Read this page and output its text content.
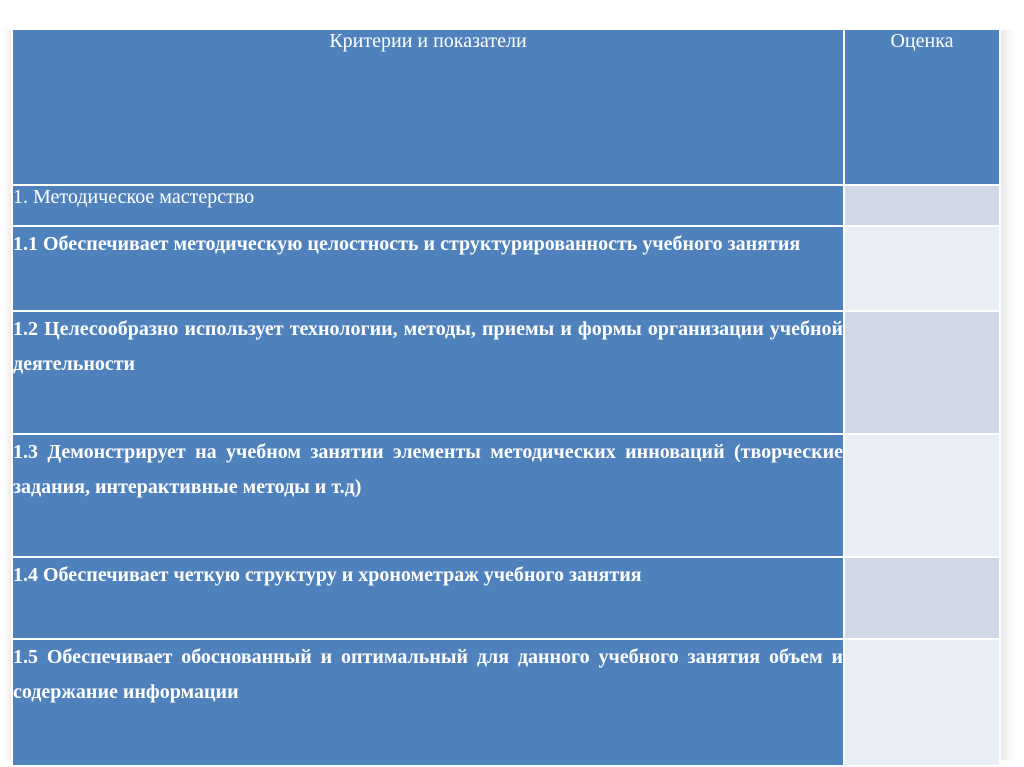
Критерии и показатели	Оценка
1. Методическое мастерство	
1.1 Обеспечивает методическую целостность и структурированность учебного занятия	
1.2 Целесообразно использует технологии, методы, приемы и формы организации учебной деятельности	
1.3 Демонстрирует на учебном занятии элементы методических инноваций (творческие задания, интерактивные методы и т.д)	
1.4 Обеспечивает четкую структуру и хронометраж учебного занятия	
1.5 Обеспечивает обоснованный и оптимальный для данного учебного занятия объем и содержание информации	
